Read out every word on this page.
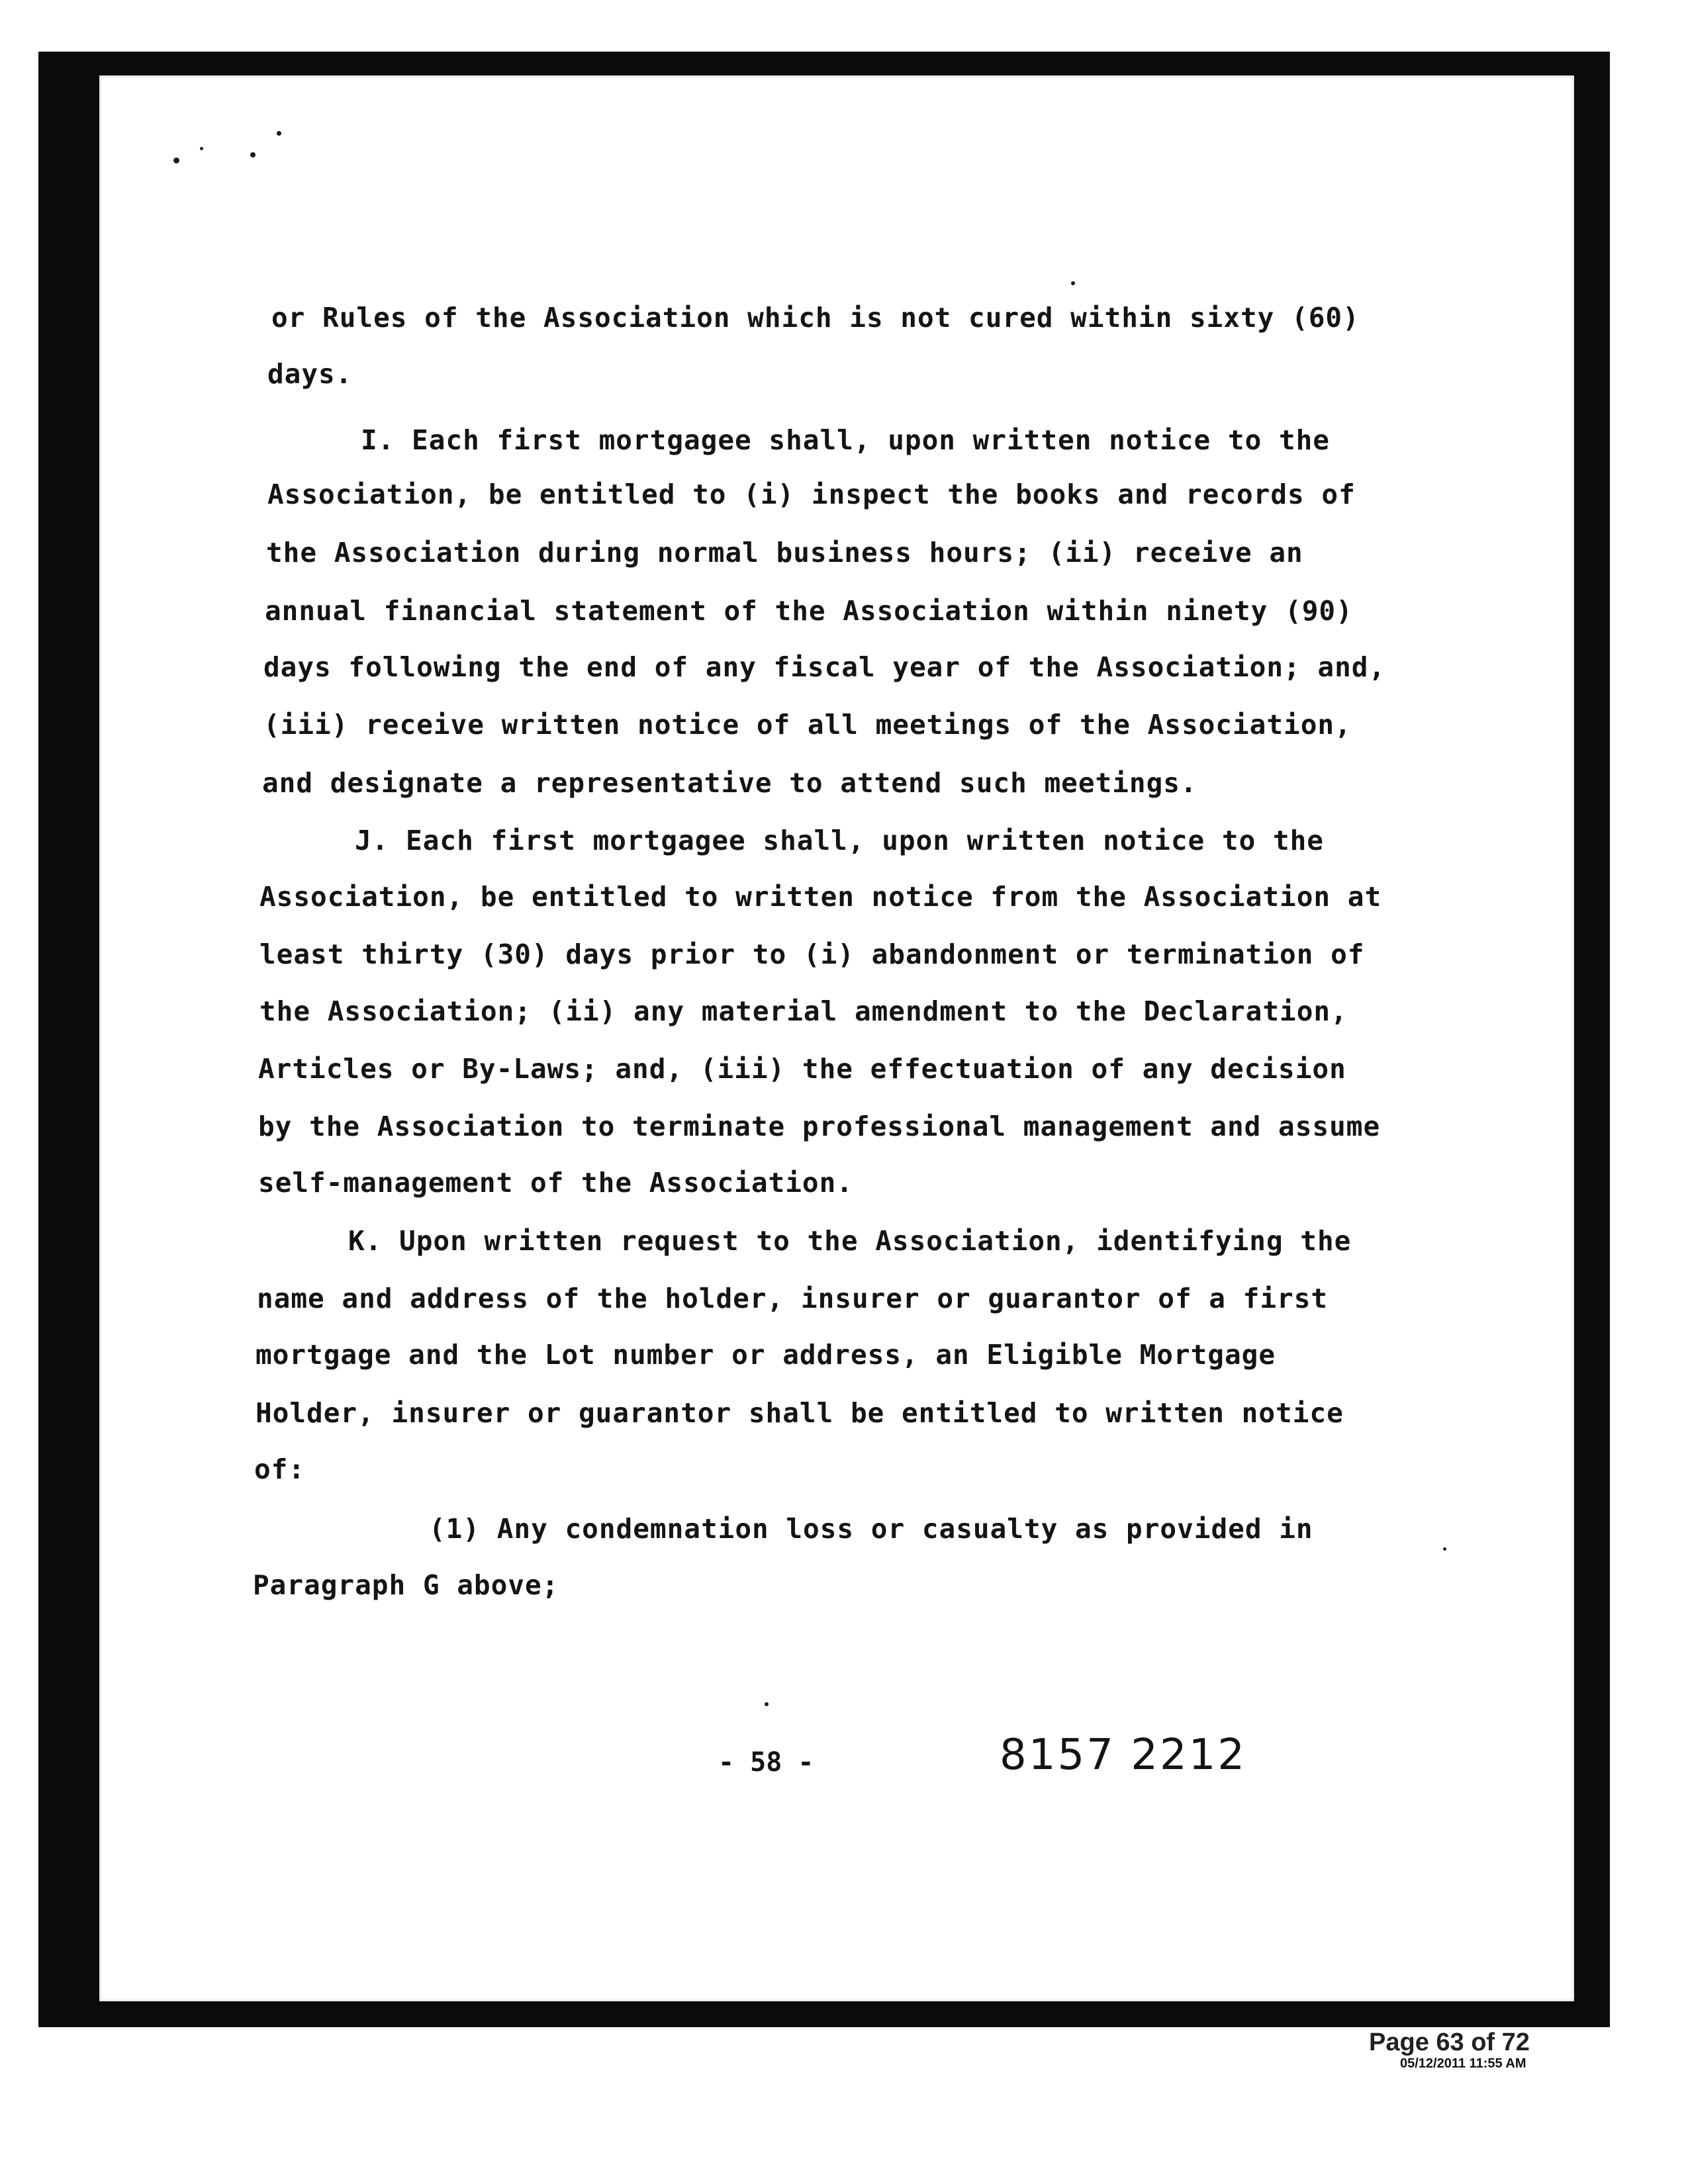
or Rules of the Association which is not cured within sixty (60)
days.
I. Each first mortgagee shall, upon written notice to the
Association, be entitled to (i) inspect the books and records of
the Association during normal business hours; (ii) receive an
annual financial statement of the Association within ninety (90)
days following the end of any fiscal year of the Association; and,
(iii) receive written notice of all meetings of the Association,
and designate a representative to attend such meetings.
J. Each first mortgagee shall, upon written notice to the
Association, be entitled to written notice from the Association at
least thirty (30) days prior to (i) abandonment or termination of
the Association; (ii) any material amendment to the Declaration,
Articles or By-Laws; and, (iii) the effectuation of any decision
by the Association to terminate professional management and assume
self-management of the Association.
K. Upon written request to the Association, identifying the
name and address of the holder, insurer or guarantor of a first
mortgage and the Lot number or address, an Eligible Mortgage
Holder, insurer or guarantor shall be entitled to written notice
of:
(1) Any condemnation loss or casualty as provided in
Paragraph G above;
- 58 -	8157 2212
Page 63 of 72
05/12/2011 11:55 AM
